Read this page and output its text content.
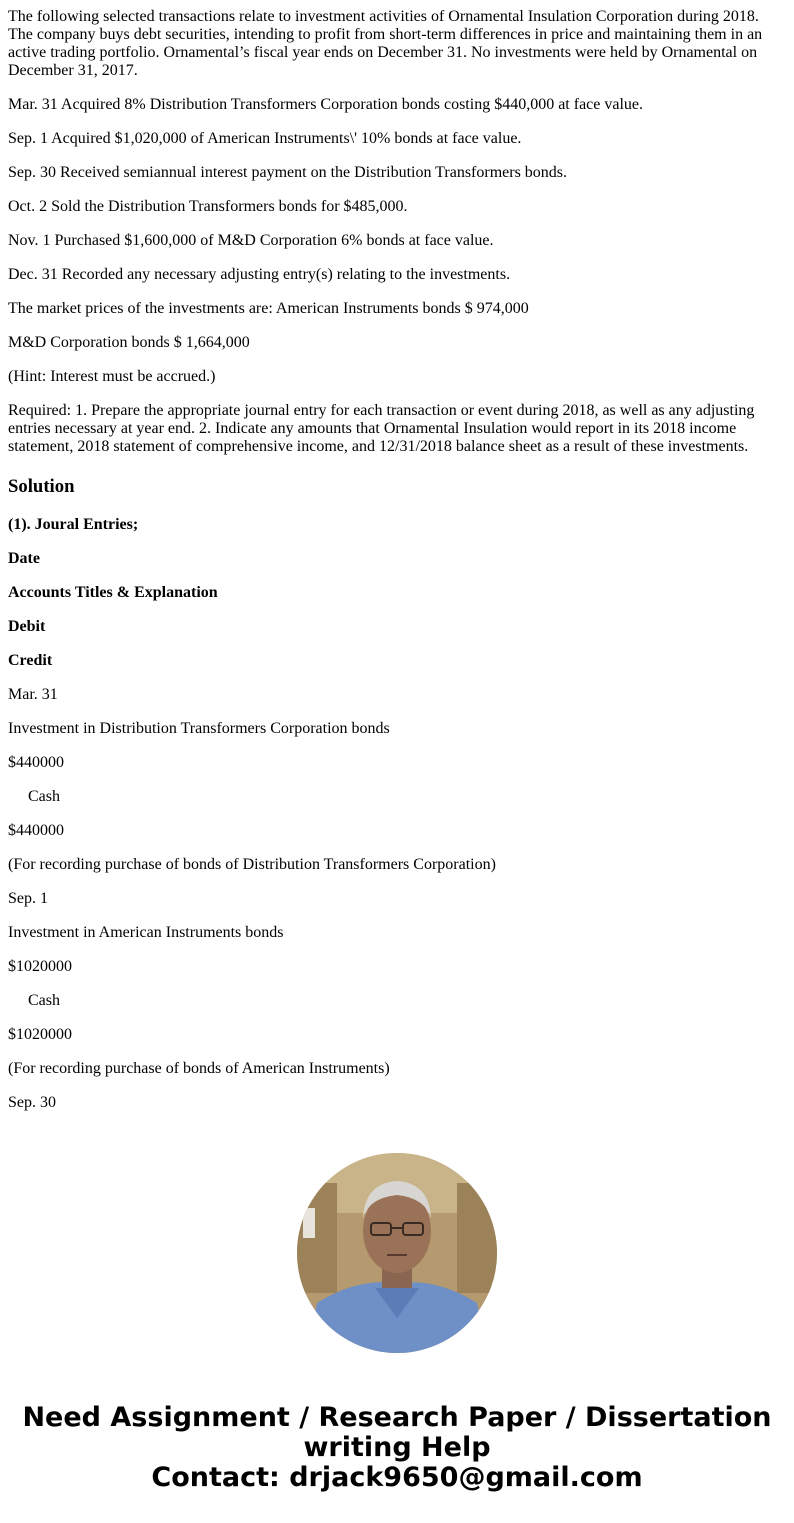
The following selected transactions relate to investment activities of Ornamental Insulation Corporation during 2018. The company buys debt securities, intending to profit from short-term differences in price and maintaining them in an active trading portfolio. Ornamental’s fiscal year ends on December 31. No investments were held by Ornamental on December 31, 2017.

Mar. 31 Acquired 8% Distribution Transformers Corporation bonds costing $440,000 at face value.

Sep. 1 Acquired $1,020,000 of American Instruments\' 10% bonds at face value.

Sep. 30 Received semiannual interest payment on the Distribution Transformers bonds.

Oct. 2 Sold the Distribution Transformers bonds for $485,000.

Nov. 1 Purchased $1,600,000 of M&D Corporation 6% bonds at face value.

Dec. 31 Recorded any necessary adjusting entry(s) relating to the investments.

The market prices of the investments are: American Instruments bonds $ 974,000

M&D Corporation bonds $ 1,664,000

(Hint: Interest must be accrued.)

Required: 1. Prepare the appropriate journal entry for each transaction or event during 2018, as well as any adjusting entries necessary at year end. 2. Indicate any amounts that Ornamental Insulation would report in its 2018 income statement, 2018 statement of comprehensive income, and 12/31/2018 balance sheet as a result of these investments.

Solution

(1). Joural Entries;

Date

Accounts Titles & Explanation

Debit

Credit

Mar. 31

Investment in Distribution Transformers Corporation bonds

$440000

Cash

$440000

(For recording purchase of bonds of Distribution Transformers Corporation)

Sep. 1

Investment in American Instruments bonds

$1020000

Cash

$1020000

(For recording purchase of bonds of American Instruments)

Sep. 30

Need Assignment / Research Paper / Dissertation
writing Help
Contact: drjack9650@gmail.com
